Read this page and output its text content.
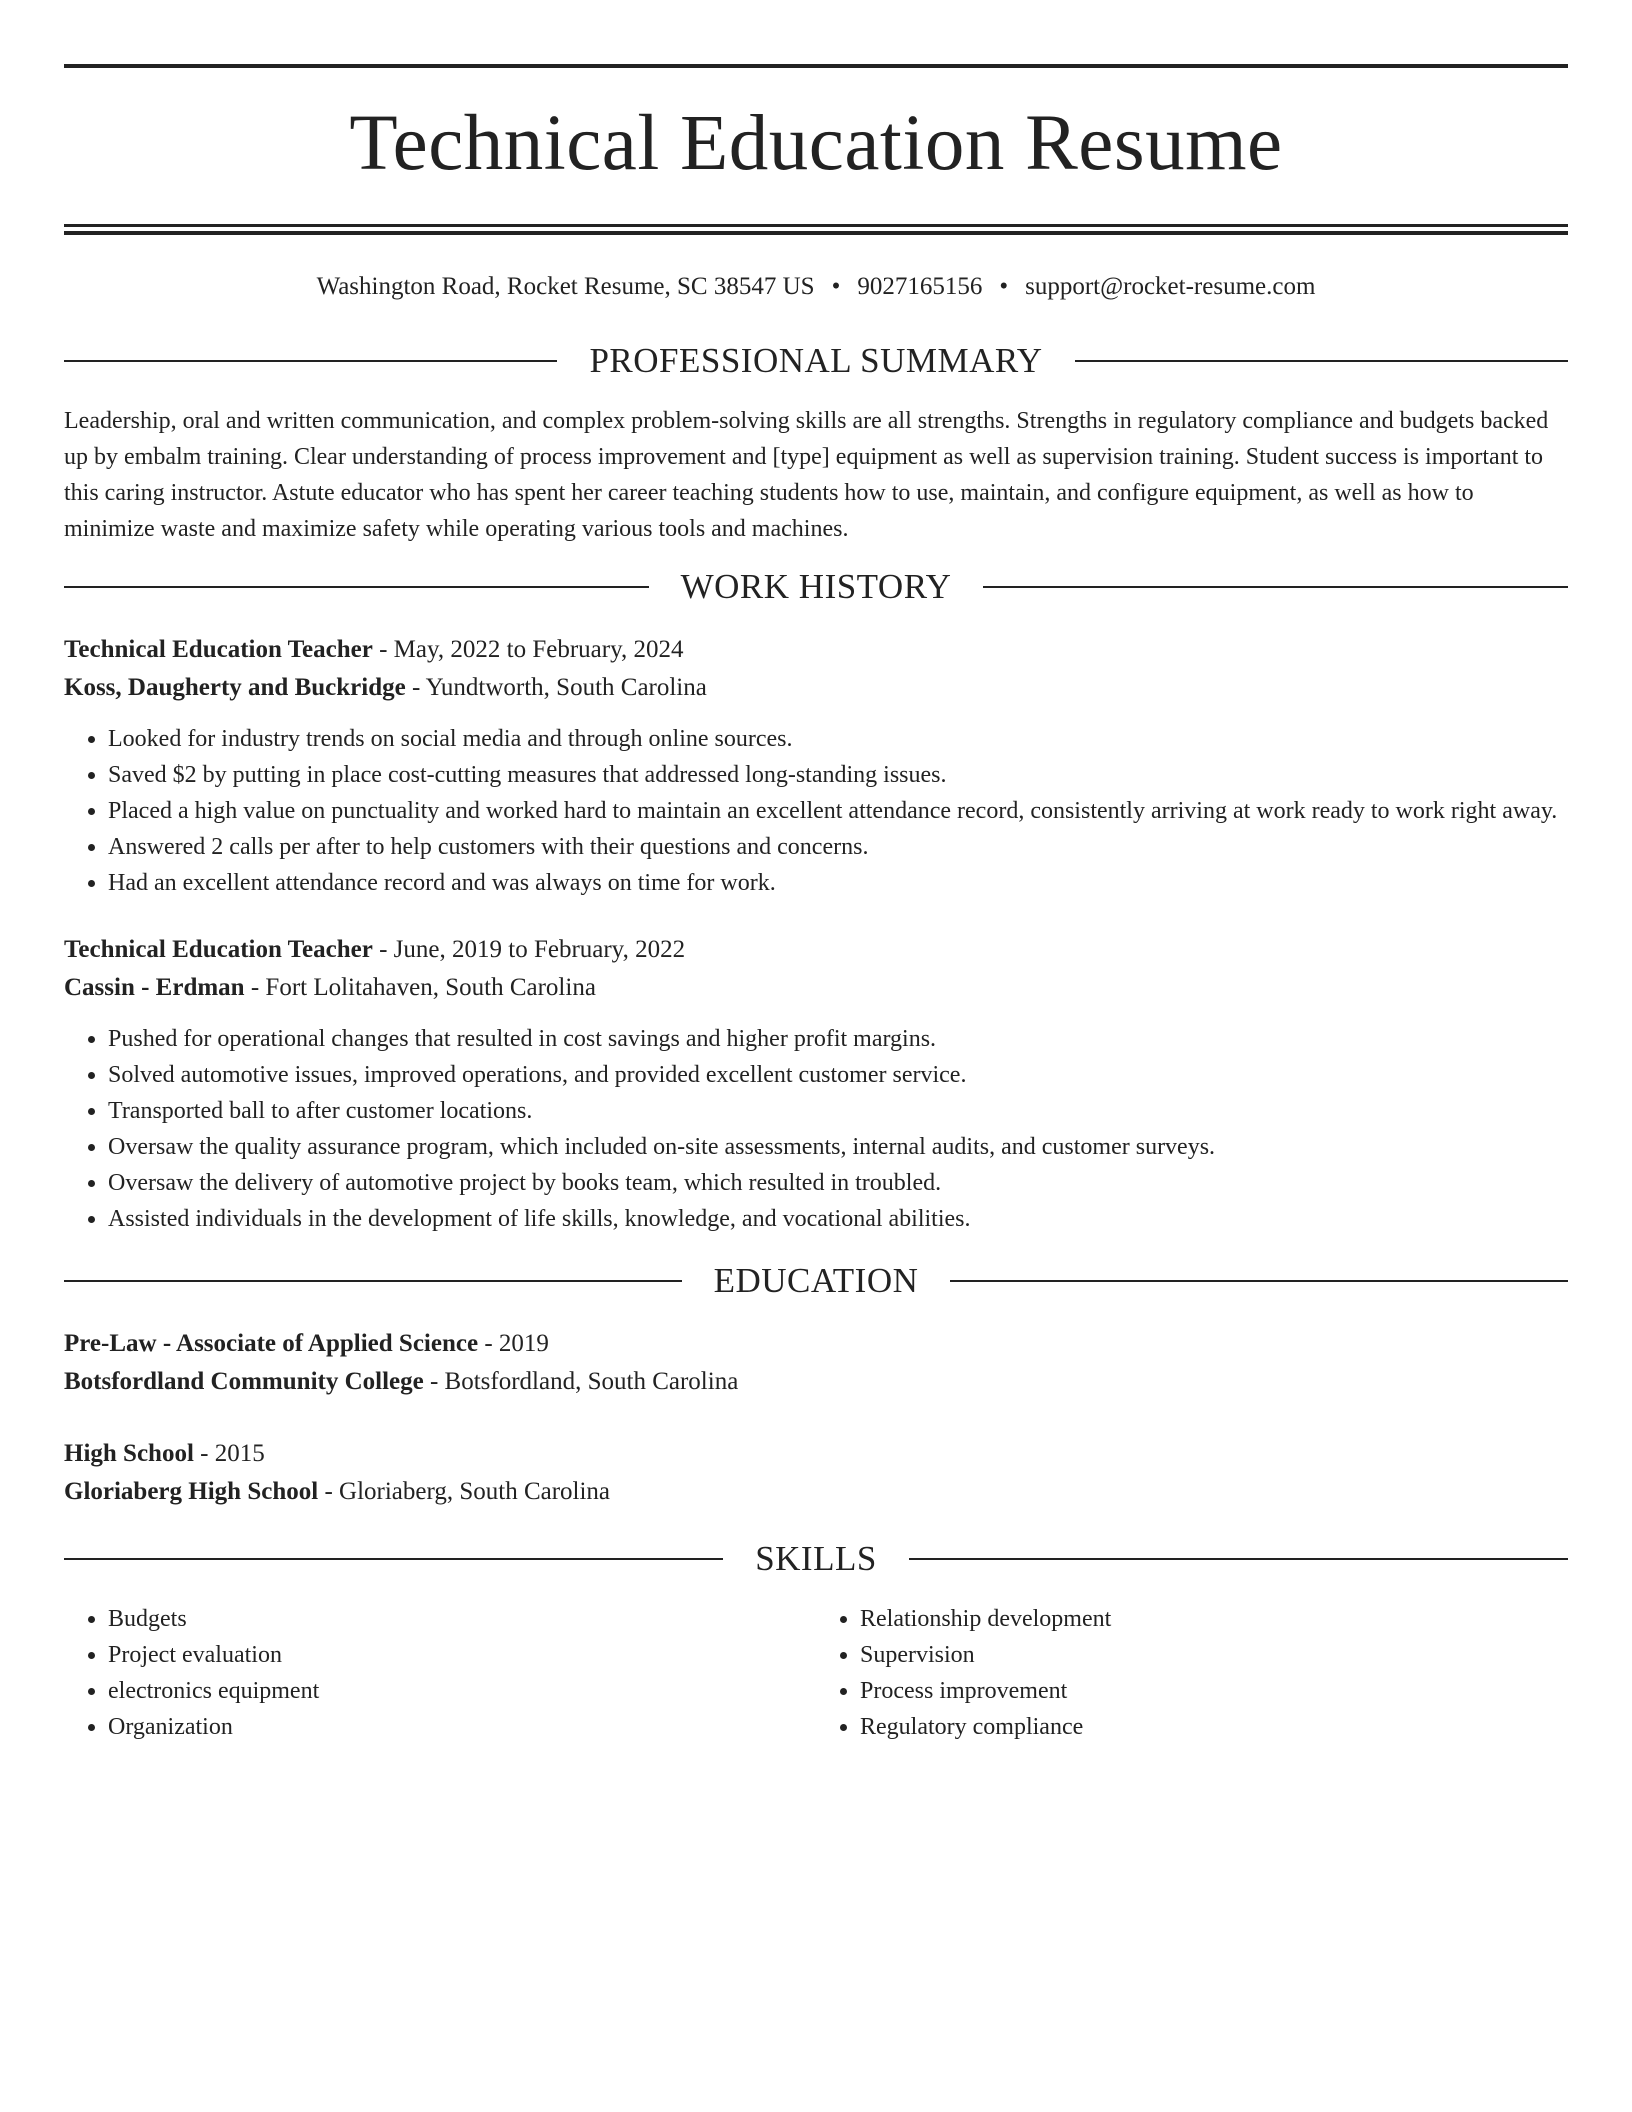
Technical Education Resume
Washington Road, Rocket Resume, SC 38547 US • 9027165156 • support@rocket-resume.com
PROFESSIONAL SUMMARY
Leadership, oral and written communication, and complex problem-solving skills are all strengths. Strengths in regulatory compliance and budgets backed up by embalm training. Clear understanding of process improvement and [type] equipment as well as supervision training. Student success is important to this caring instructor. Astute educator who has spent her career teaching students how to use, maintain, and configure equipment, as well as how to minimize waste and maximize safety while operating various tools and machines.
WORK HISTORY
Technical Education Teacher - May, 2022 to February, 2024
Koss, Daugherty and Buckridge - Yundtworth, South Carolina
• Looked for industry trends on social media and through online sources.
• Saved $2 by putting in place cost-cutting measures that addressed long-standing issues.
• Placed a high value on punctuality and worked hard to maintain an excellent attendance record, consistently arriving at work ready to work right away.
• Answered 2 calls per after to help customers with their questions and concerns.
• Had an excellent attendance record and was always on time for work.
Technical Education Teacher - June, 2019 to February, 2022
Cassin - Erdman - Fort Lolitahaven, South Carolina
• Pushed for operational changes that resulted in cost savings and higher profit margins.
• Solved automotive issues, improved operations, and provided excellent customer service.
• Transported ball to after customer locations.
• Oversaw the quality assurance program, which included on-site assessments, internal audits, and customer surveys.
• Oversaw the delivery of automotive project by books team, which resulted in troubled.
• Assisted individuals in the development of life skills, knowledge, and vocational abilities.
EDUCATION
Pre-Law - Associate of Applied Science - 2019
Botsfordland Community College - Botsfordland, South Carolina
High School - 2015
Gloriaberg High School - Gloriaberg, South Carolina
SKILLS
• Budgets
• Project evaluation
• electronics equipment
• Organization
• Relationship development
• Supervision
• Process improvement
• Regulatory compliance
